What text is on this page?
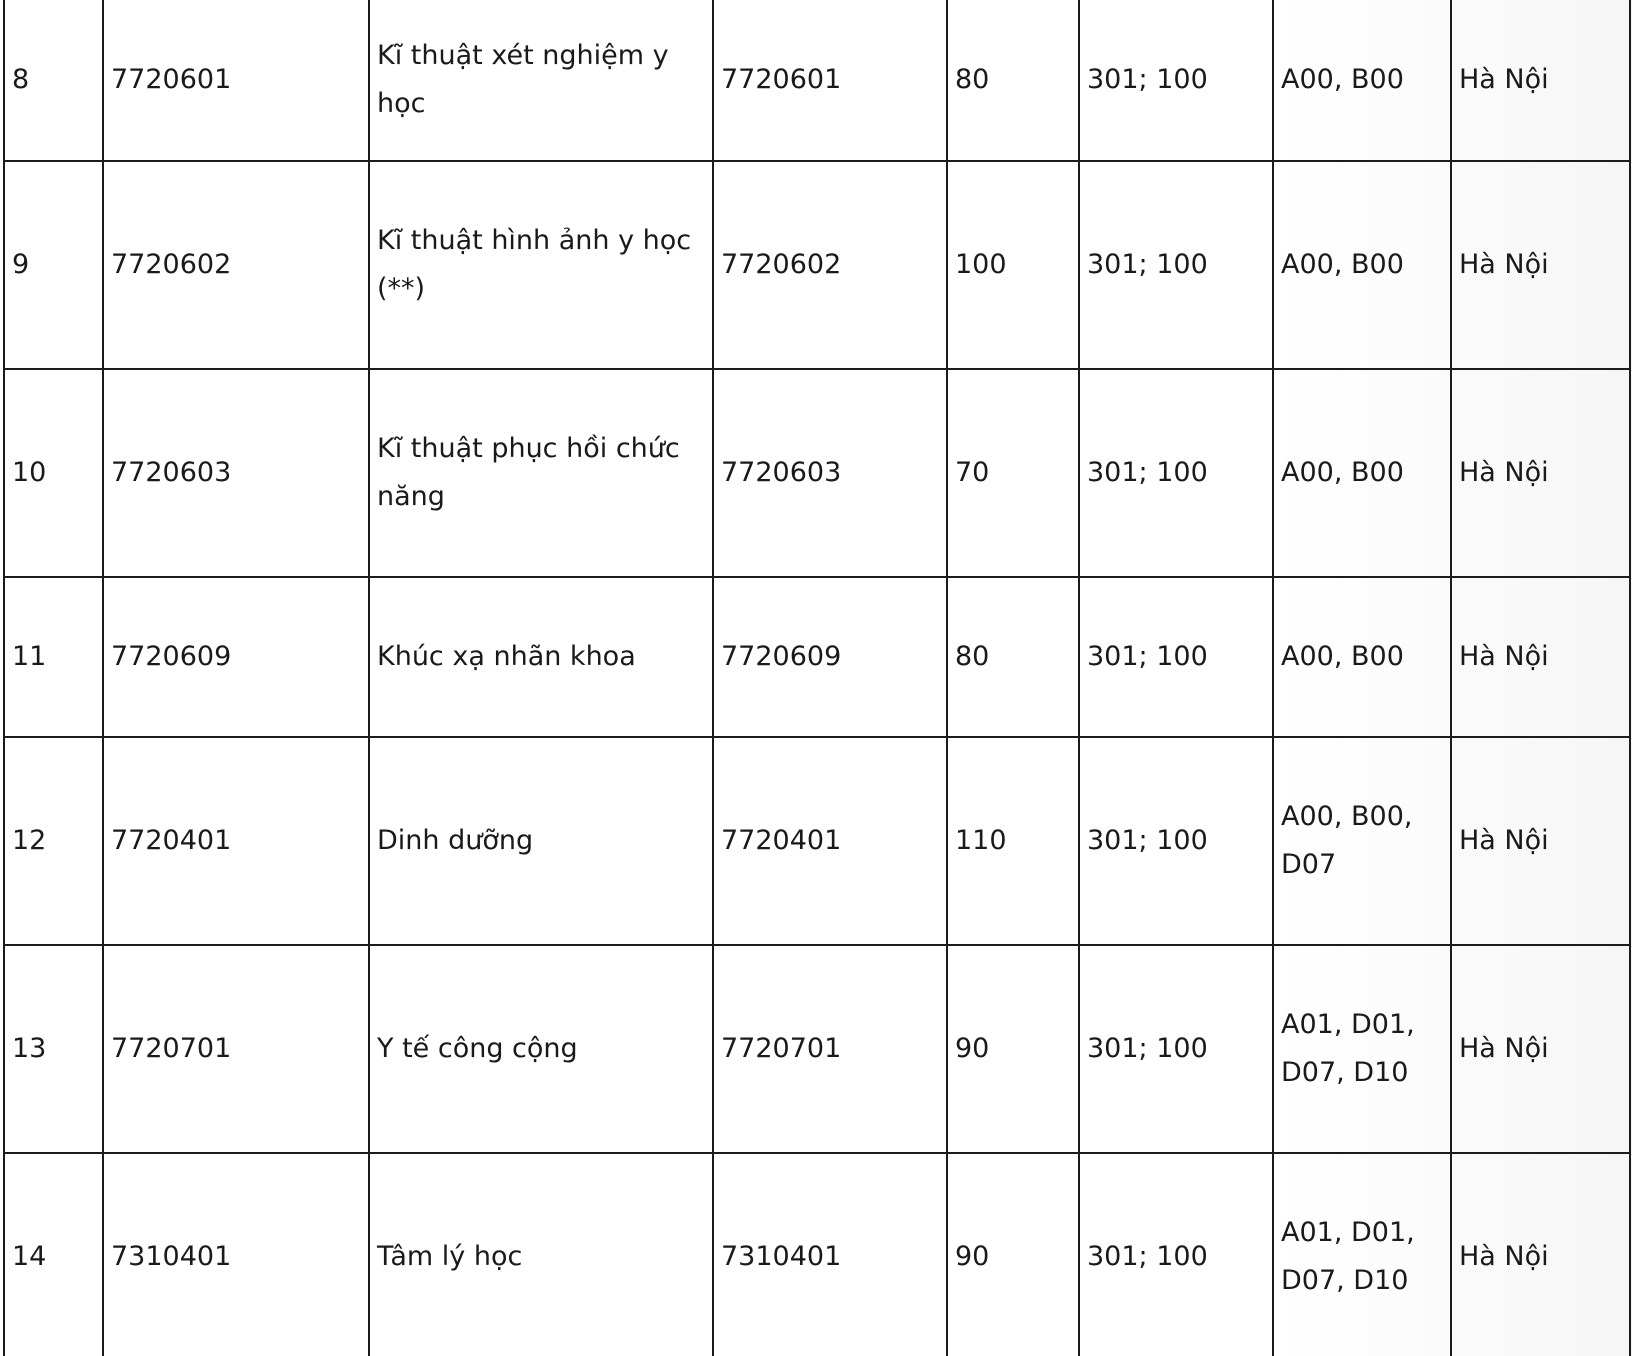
8	7720601	Kĩ thuật xét nghiệm y học	7720601	80	301; 100	A00, B00	Hà Nội
9	7720602	Kĩ thuật hình ảnh y học (**)	7720602	100	301; 100	A00, B00	Hà Nội
10	7720603	Kĩ thuật phục hồi chức năng	7720603	70	301; 100	A00, B00	Hà Nội
11	7720609	Khúc xạ nhãn khoa	7720609	80	301; 100	A00, B00	Hà Nội
12	7720401	Dinh dưỡng	7720401	110	301; 100	A00, B00, D07	Hà Nội
13	7720701	Y tế công cộng	7720701	90	301; 100	A01, D01, D07, D10	Hà Nội
14	7310401	Tâm lý học	7310401	90	301; 100	A01, D01, D07, D10	Hà Nội
